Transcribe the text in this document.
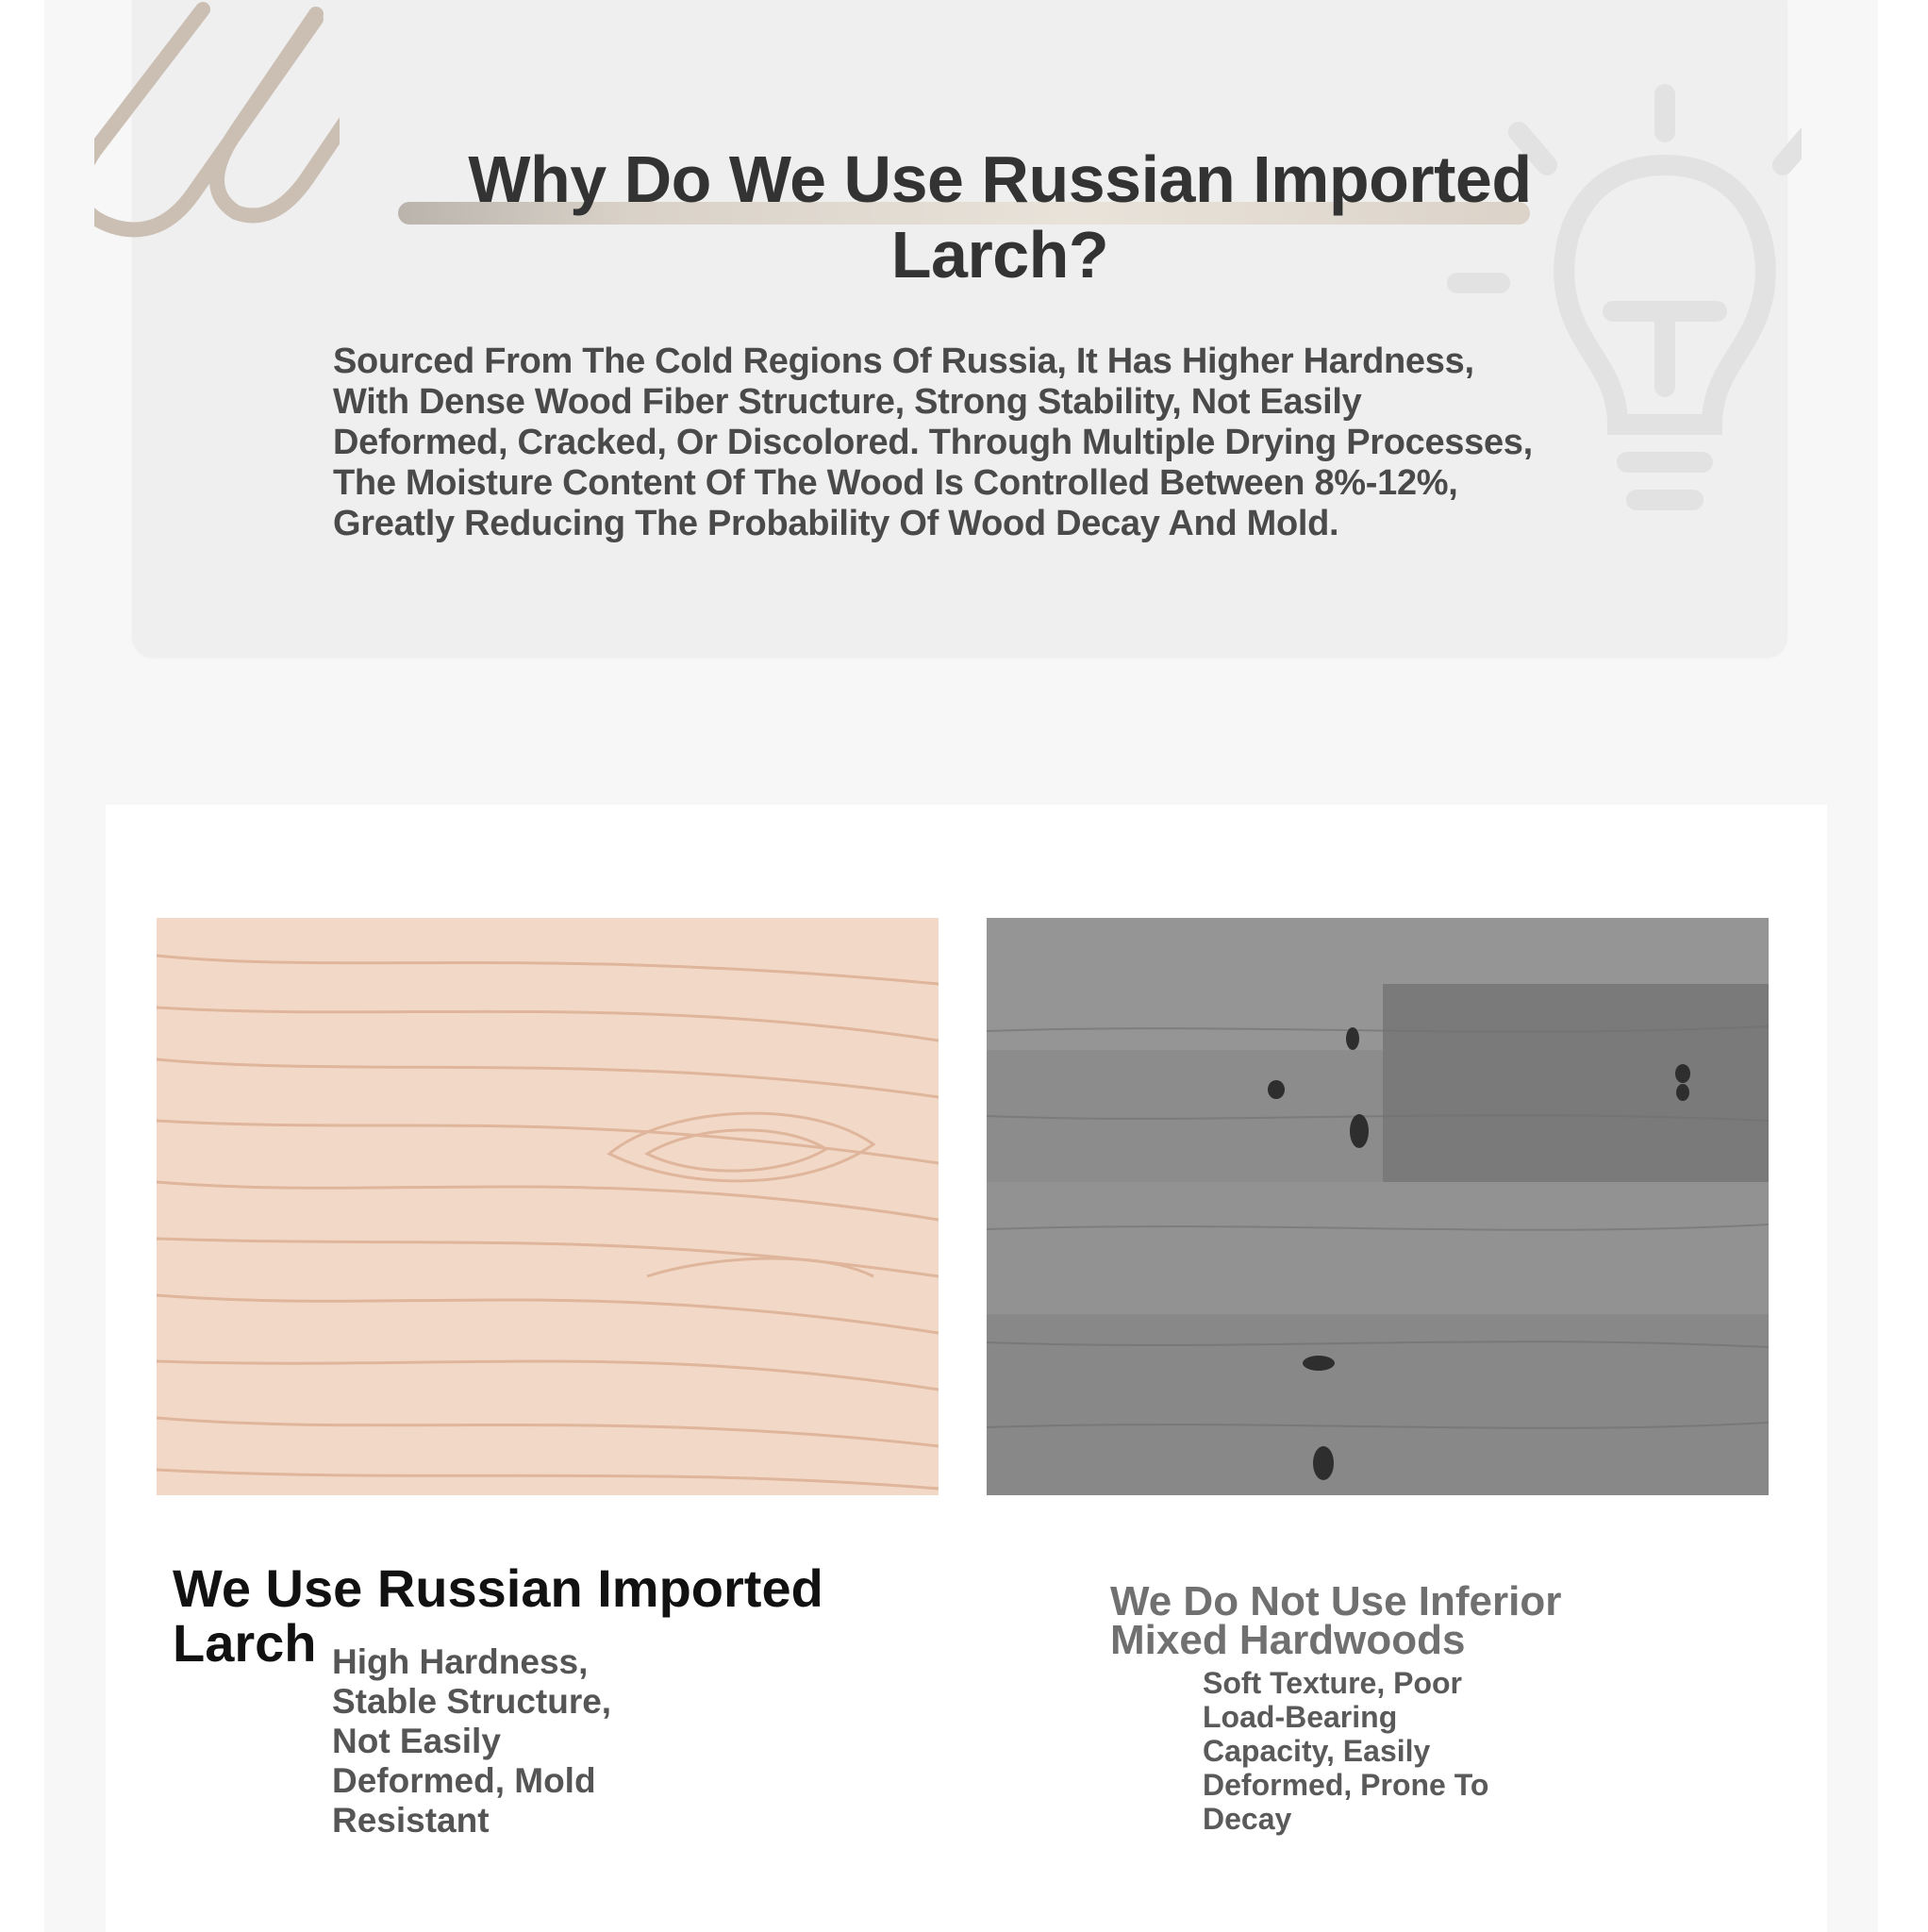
Why Do We Use Russian Imported Larch?

Sourced From The Cold Regions Of Russia, It Has Higher Hardness, With Dense Wood Fiber Structure, Strong Stability, Not Easily Deformed, Cracked, Or Discolored. Through Multiple Drying Processes, The Moisture Content Of The Wood Is Controlled Between 8%-12%, Greatly Reducing The Probability Of Wood Decay And Mold.

We Use Russian Imported Larch High Hardness, Stable Structure, Not Easily Deformed, Mold Resistant

We Do Not Use Inferior Mixed Hardwoods

Soft Texture, Poor Load-Bearing Capacity, Easily Deformed, Prone To Decay
